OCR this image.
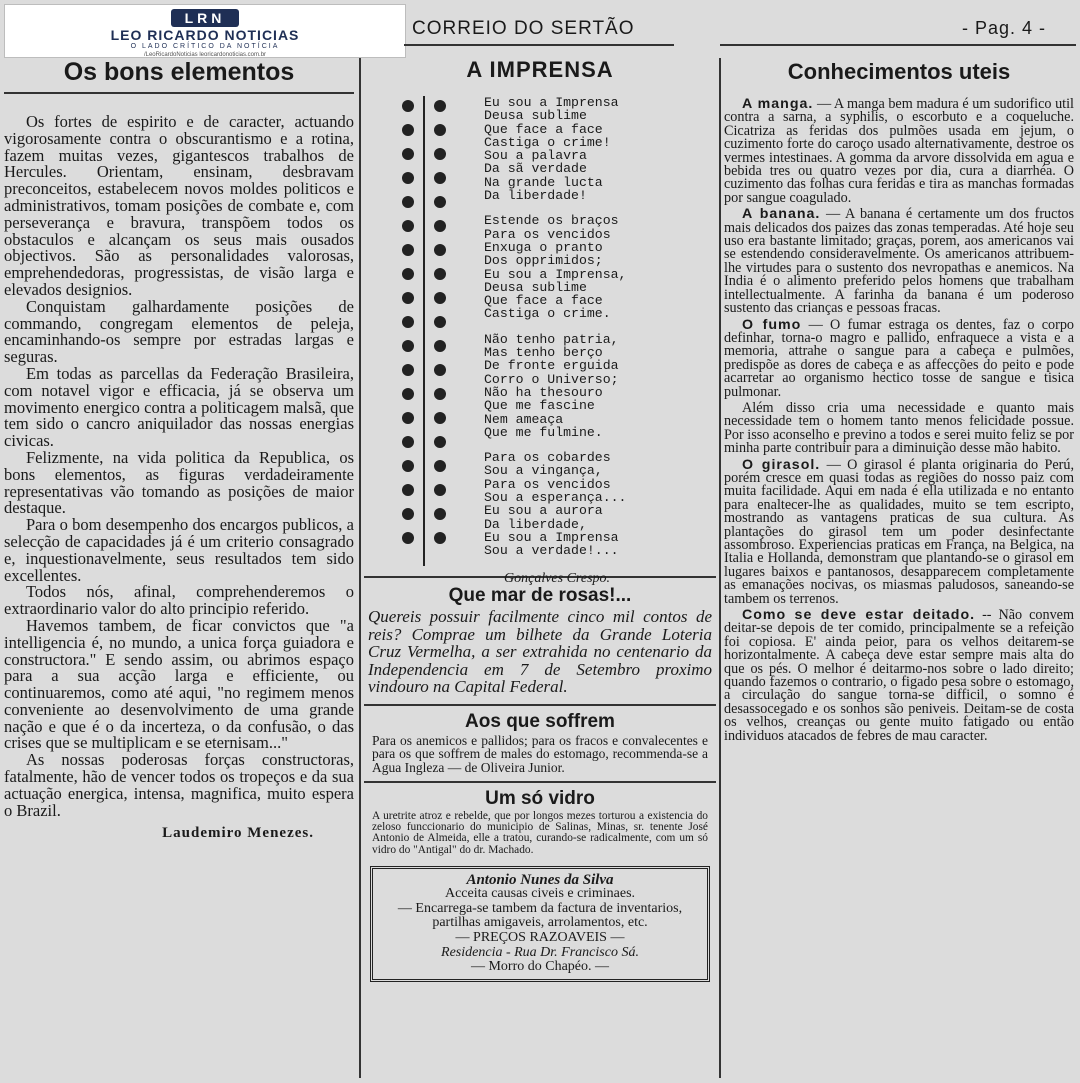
LRN
LEO RICARDO NOTICIAS
O LADO CRÍTICO DA NOTÍCIA
/LeoRicardoNoticias leoricardonoticias.com.br
CORREIO DO SERTÃO	- Pag. 4 -
Os bons elementos

Os fortes de espirito e de caracter, actuando vigorosamente contra o obscurantismo e a rotina, fazem muitas vezes, gigantescos trabalhos de Hercules. Orientam, ensinam, desbravam preconceitos, estabelecem novos moldes politicos e administrativos, tomam posições de combate e, com perseverança e bravura, transpõem todos os obstaculos e alcançam os seus mais ousados objectivos. São as personalidades valorosas, emprehendedoras, progressistas, de visão larga e elevados designios.

Conquistam galhardamente posições de commando, congregam elementos de peleja, encaminhando-os sempre por estradas largas e seguras.

Em todas as parcellas da Federação Brasileira, com notavel vigor e efficacia, já se observa um movimento energico contra a politicagem malsã, que tem sido o cancro aniquilador das nossas energias civicas.

Felizmente, na vida politica da Republica, os bons elementos, as figuras verdadeiramente representativas vão tomando as posições de maior destaque.

Para o bom desempenho dos encargos publicos, a selecção de capacidades já é um criterio consagrado e, inquestionavelmente, seus resultados tem sido excellentes.

Todos nós, afinal, comprehenderemos o extraordinario valor do alto principio referido.

Havemos tambem, de ficar convictos que "a intelligencia é, no mundo, a unica força guiadora e constructora." E sendo assim, ou abrimos espaço para a sua acção larga e efficiente, ou continuaremos, como até aqui, "no regimem menos conveniente ao desenvolvimento de uma grande nação e que é o da incerteza, o da confusão, o das crises que se multiplicam e se eternisam..."

As nossas poderosas forças constructoras, fatalmente, hão de vencer todos os tropeços e da sua actuação energica, intensa, magnifica, muito espera o Brazil.

Laudemiro Menezes.
A IMPRENSA
Eu sou a Imprensa
Deusa sublime
Que face a face
Castiga o crime!
Sou a palavra
Da sã verdade
Na grande lucta
Da liberdade!
Estende os braços
Para os vencidos
Enxuga o pranto
Dos opprimidos;
Eu sou a Imprensa,
Deusa sublime
Que face a face
Castiga o crime.
Não tenho patria,
Mas tenho berço
De fronte erguida
Corro o Universo;
Não ha thesouro
Que me fascine
Nem ameaça
Que me fulmine.
Para os cobardes
Sou a vingança,
Para os vencidos
Sou a esperança...
Eu sou a aurora
Da liberdade,
Eu sou a Imprensa
Sou a verdade!...
Gonçalves Crespo.
Que mar de rosas!...
Quereis possuir facilmente cinco mil contos de reis? Comprae um bilhete da Grande Loteria Cruz Vermelha, a ser extrahida no centenario da Independencia em 7 de Setembro proximo vindouro na Capital Federal.
Aos que soffrem
Para os anemicos e pallidos; para os fracos e convalecentes e para os que soffrem de males do estomago, recommenda-se a Agua Ingleza — de Oliveira Junior.
Um só vidro
A uretrite atroz e rebelde, que por longos mezes torturou a existencia do zeloso funccionario do municipio de Salinas, Minas, sr. tenente José Antonio de Almeida, elle a tratou, curando-se radicalmente, com um só vidro do "Antigal" do dr. Machado.
Antonio Nunes da Silva
Acceita causas civeis e criminaes.
— Encarrega-se tambem da factura de inventarios, partilhas amigaveis, arrolamentos, etc.
— PREÇOS RAZOAVEIS —
Residencia - Rua Dr. Francisco Sá.
— Morro do Chapéo. —
Conhecimentos uteis

A manga. — A manga bem madura é um sudorifico util contra a sarna, a syphilis, o escorbuto e a coqueluche. Cicatriza as feridas dos pulmões usada em jejum, o cuzimento forte do caroço usado alternativamente, destroe os vermes intestinaes. A gomma da arvore dissolvida em agua e bebida tres ou quatro vezes por dia, cura a diarrhéa. O cuzimento das folhas cura feridas e tira as manchas formadas por sangue coagulado.

A banana. — A banana é certamente um dos fructos mais delicados dos paizes das zonas temperadas. Até hoje seu uso era bastante limitado; graças, porem, aos americanos vai se estendendo consideravelmente. Os americanos attribuem-lhe virtudes para o sustento dos nevropathas e anemicos. Na India é o alimento preferido pelos homens que trabalham intellectualmente. A farinha da banana é um poderoso sustento das crianças e pessoas fracas.

O fumo — O fumar estraga os dentes, faz o corpo definhar, torna-o magro e pallido, enfraquece a vista e a memoria, attrahe o sangue para a cabeça e pulmões, predispõe as dores de cabeça e as affecções do peito e pode acarretar ao organismo hectico tosse de sangue e tisica pulmonar.

Além disso cria uma necessidade e quanto mais necessidade tem o homem tanto menos felicidade possue. Por isso aconselho e previno a todos e serei muito feliz se por minha parte contribuir para a diminuição desse mão habito.

O girasol. — O girasol é planta originaria do Perú, porém cresce em quasi todas as regiões do nosso paiz com muita facilidade. Aqui em nada é ella utilizada e no entanto para enaltecer-lhe as qualidades, muito se tem escripto, mostrando as vantagens praticas de sua cultura. As plantações do girasol tem um poder desinfectante assombroso. Experiencias praticas em França, na Belgica, na Italia e Hollanda, demonstram que plantando-se o girasol em lugares baixos e pantanosos, desapparecem completamente as emanações nocivas, os miasmas paludosos, saneando-se tambem os terrenos.

Como se deve estar deitado. -- Não convem deitar-se depois de ter comido, principalmente se a refeição foi copiosa. E' ainda peior, para os velhos deitarem-se horizontalmente. A cabeça deve estar sempre mais alta do que os pés. O melhor é deitarmo-nos sobre o lado direito; quando fazemos o contrario, o figado pesa sobre o estomago, a circulação do sangue torna-se difficil, o somno é desassocegado e os sonhos são peniveis. Deitam-se de costa os velhos, creanças ou gente muito fatigado ou então individuos atacados de febres de mau caracter.
